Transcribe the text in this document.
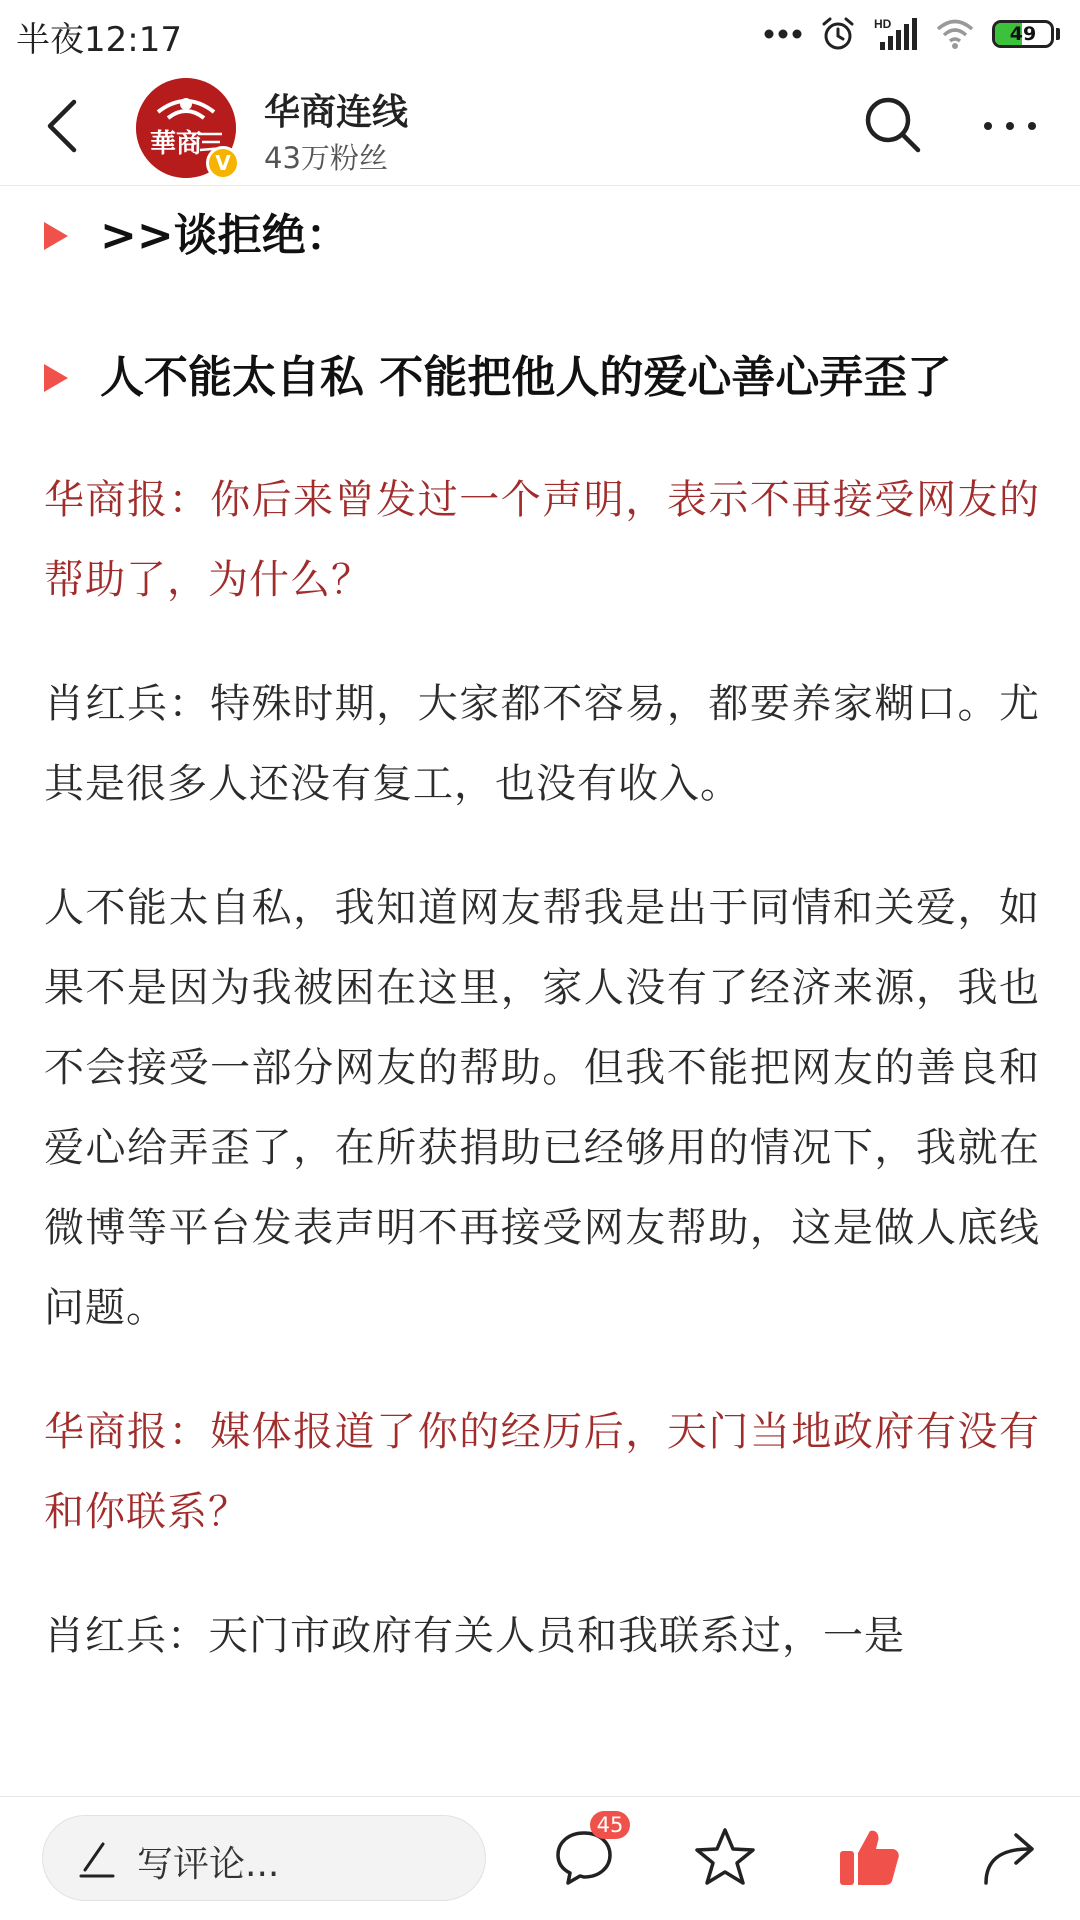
半夜12:17	HD	49
華商
V
华商连线
43万粉丝

>>谈拒绝：

人不能太自私 不能把他人的爱心善心弄歪了

华商报：你后来曾发过一个声明，表示不再接受网友的帮助了，为什么？

肖红兵：特殊时期，大家都不容易，都要养家糊口。尤其是很多人还没有复工，也没有收入。

人不能太自私，我知道网友帮我是出于同情和关爱，如果不是因为我被困在这里，家人没有了经济来源，我也不会接受一部分网友的帮助。但我不能把网友的善良和爱心给弄歪了，在所获捐助已经够用的情况下，我就在微博等平台发表声明不再接受网友帮助，这是做人底线问题。

华商报：媒体报道了你的经历后，天门当地政府有没有和你联系？

肖红兵：天门市政府有关人员和我联系过，一是

写评论...
45
